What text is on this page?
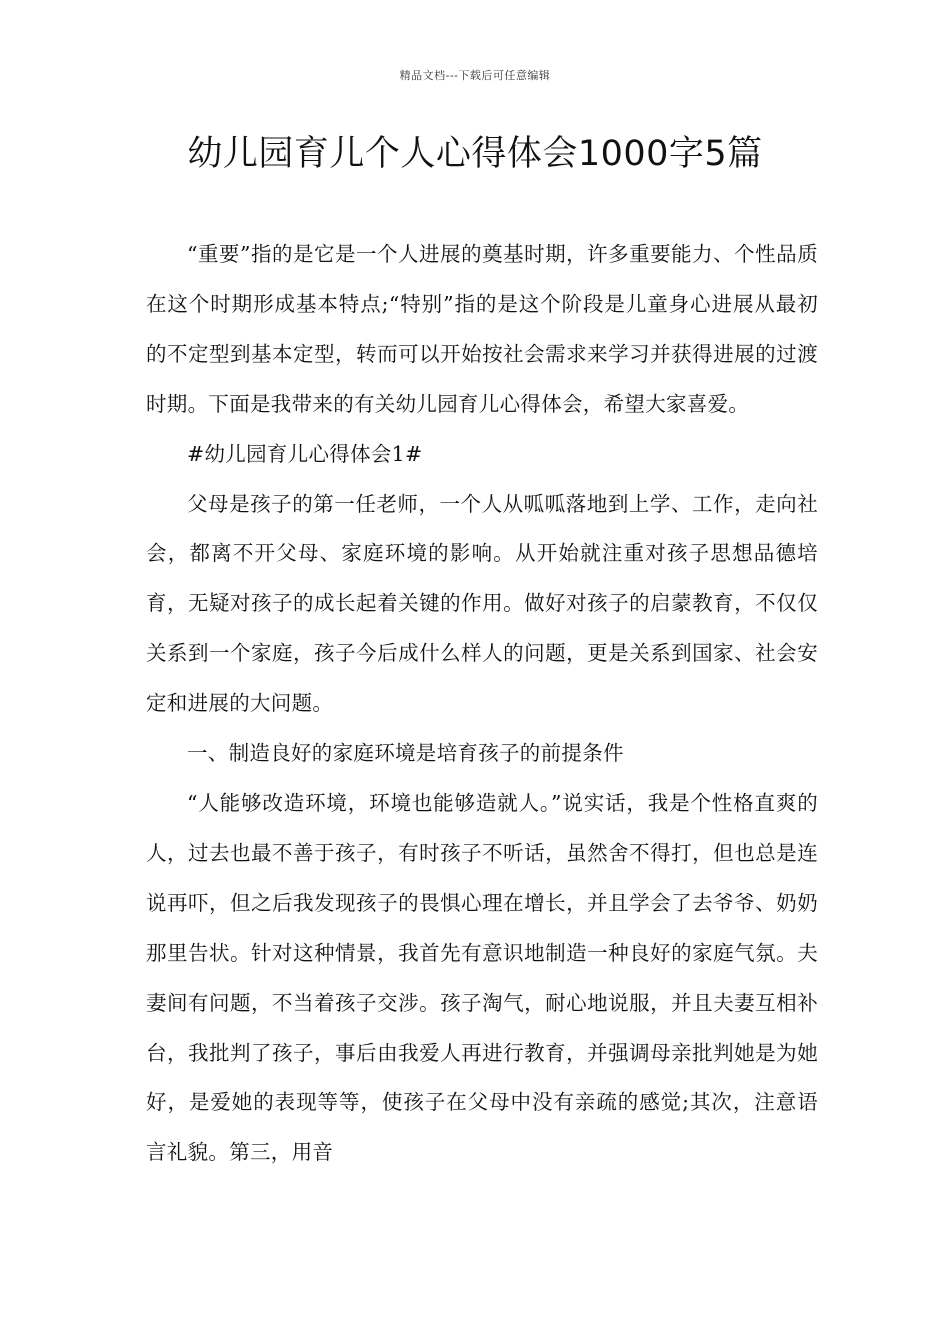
精品文档---下载后可任意编辑
幼儿园育儿个人心得体会1000字5篇

“重要”指的是它是一个人进展的奠基时期，许多重要能力、个性品质在这个时期形成基本特点;“特别”指的是这个阶段是儿童身心进展从最初的不定型到基本定型，转而可以开始按社会需求来学习并获得进展的过渡时期。下面是我带来的有关幼儿园育儿心得体会，希望大家喜爱。

#幼儿园育儿心得体会1#

父母是孩子的第一任老师，一个人从呱呱落地到上学、工作，走向社会，都离不开父母、家庭环境的影响。从开始就注重对孩子思想品德培育，无疑对孩子的成长起着关键的作用。做好对孩子的启蒙教育，不仅仅关系到一个家庭，孩子今后成什么样人的问题，更是关系到国家、社会安定和进展的大问题。

一、制造良好的家庭环境是培育孩子的前提条件

“人能够改造环境，环境也能够造就人。”说实话，我是个性格直爽的人，过去也最不善于孩子，有时孩子不听话，虽然舍不得打，但也总是连说再吓，但之后我发现孩子的畏惧心理在增长，并且学会了去爷爷、奶奶那里告状。针对这种情景，我首先有意识地制造一种良好的家庭气氛。夫妻间有问题，不当着孩子交涉。孩子淘气，耐心地说服，并且夫妻互相补台，我批判了孩子，事后由我爱人再进行教育，并强调母亲批判她是为她好，是爱她的表现等等，使孩子在父母中没有亲疏的感觉;其次，注意语言礼貌。第三，用音
